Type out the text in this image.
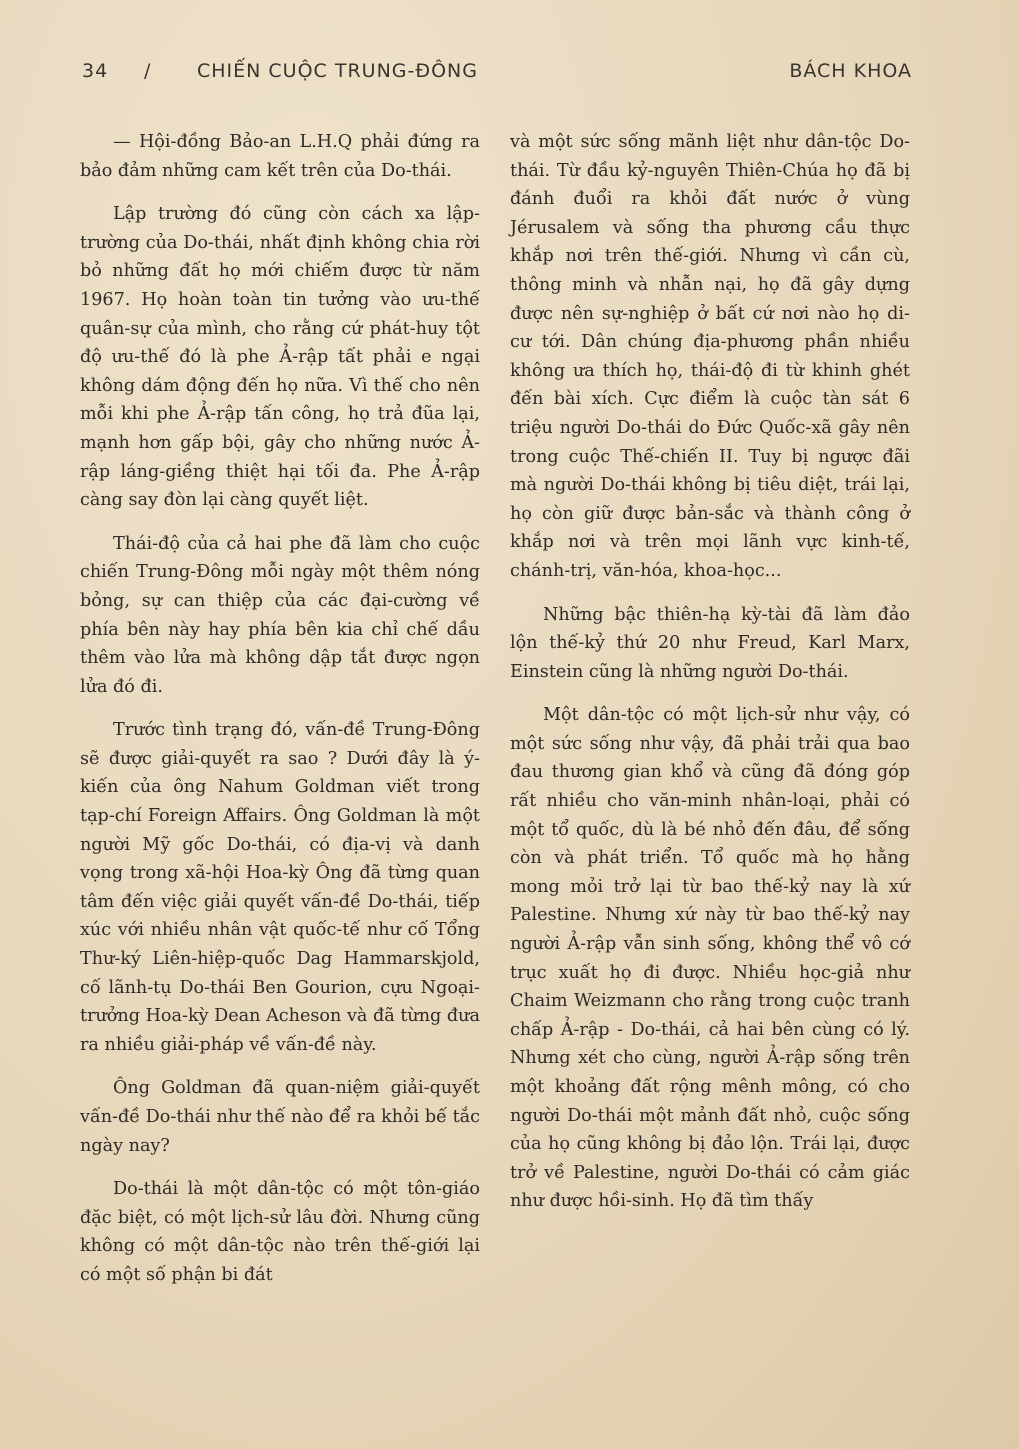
34 / CHIẾN CUỘC TRUNG-ĐÔNG	BÁCH KHOA

— Hội-đồng Bảo-an L.H.Q phải đứng ra bảo đảm những cam kết trên của Do-thái.

Lập trường đó cũng còn cách xa lập-trường của Do-thái, nhất định không chia rời bỏ những đất họ mới chiếm được từ năm 1967. Họ hoàn toàn tin tưởng vào ưu-thế quân-sự của mình, cho rằng cứ phát-huy tột độ ưu-thế đó là phe Ả-rập tất phải e ngại không dám động đến họ nữa. Vì thế cho nên mỗi khi phe Ả-rập tấn công, họ trả đũa lại, mạnh hơn gấp bội, gây cho những nước Ả-rập láng-giềng thiệt hại tối đa. Phe Ả-rập càng say đòn lại càng quyết liệt.

Thái-độ của cả hai phe đã làm cho cuộc chiến Trung-Đông mỗi ngày một thêm nóng bỏng, sự can thiệp của các đại-cường về phía bên này hay phía bên kia chỉ chế dầu thêm vào lửa mà không dập tắt được ngọn lửa đó đi.

Trước tình trạng đó, vấn-đề Trung-Đông sẽ được giải-quyết ra sao ? Dưới đây là ý-kiến của ông Nahum Goldman viết trong tạp-chí Foreign Affairs. Ông Goldman là một người Mỹ gốc Do-thái, có địa-vị và danh vọng trong xã-hội Hoa-kỳ Ông đã từng quan tâm đến việc giải quyết vấn-đề Do-thái, tiếp xúc với nhiều nhân vật quốc-tế như cố Tổng Thư-ký Liên-hiệp-quốc Dag Hammarskjold, cố lãnh-tụ Do-thái Ben Gourion, cựu Ngoại-trưởng Hoa-kỳ Dean Acheson và đã từng đưa ra nhiều giải-pháp về vấn-đề này.

Ông Goldman đã quan-niệm giải-quyết vấn-đề Do-thái như thế nào để ra khỏi bế tắc ngày nay?

Do-thái là một dân-tộc có một tôn-giáo đặc biệt, có một lịch-sử lâu đời. Nhưng cũng không có một dân-tộc nào trên thế-giới lại có một số phận bi đát

và một sức sống mãnh liệt như dân-tộc Do-thái. Từ đầu kỷ-nguyên Thiên-Chúa họ đã bị đánh đuổi ra khỏi đất nước ở vùng Jérusalem và sống tha phương cầu thực khắp nơi trên thế-giới. Nhưng vì cần cù, thông minh và nhẫn nại, họ đã gây dựng được nên sự-nghiệp ở bất cứ nơi nào họ di-cư tới. Dân chúng địa-phương phần nhiều không ưa thích họ, thái-độ đi từ khinh ghét đến bài xích. Cực điểm là cuộc tàn sát 6 triệu người Do-thái do Đức Quốc-xã gây nên trong cuộc Thế-chiến II. Tuy bị ngược đãi mà người Do-thái không bị tiêu diệt, trái lại, họ còn giữ được bản-sắc và thành công ở khắp nơi và trên mọi lãnh vực kinh-tế, chánh-trị, văn-hóa, khoa-học...

Những bậc thiên-hạ kỳ-tài đã làm đảo lộn thế-kỷ thứ 20 như Freud, Karl Marx, Einstein cũng là những người Do-thái.

Một dân-tộc có một lịch-sử như vậy, có một sức sống như vậy, đã phải trải qua bao đau thương gian khổ và cũng đã đóng góp rất nhiều cho văn-minh nhân-loại, phải có một tổ quốc, dù là bé nhỏ đến đâu, để sống còn và phát triển. Tổ quốc mà họ hằng mong mỏi trở lại từ bao thế-kỷ nay là xứ Palestine. Nhưng xứ này từ bao thế-kỷ nay người Ả-rập vẫn sinh sống, không thể vô cớ trục xuất họ đi được. Nhiều học-giả như Chaim Weizmann cho rằng trong cuộc tranh chấp Ả-rập - Do-thái, cả hai bên cùng có lý. Nhưng xét cho cùng, người Ả-rập sống trên một khoảng đất rộng mênh mông, có cho người Do-thái một mảnh đất nhỏ, cuộc sống của họ cũng không bị đảo lộn. Trái lại, được trở về Palestine, người Do-thái có cảm giác như được hồi-sinh. Họ đã tìm thấy
